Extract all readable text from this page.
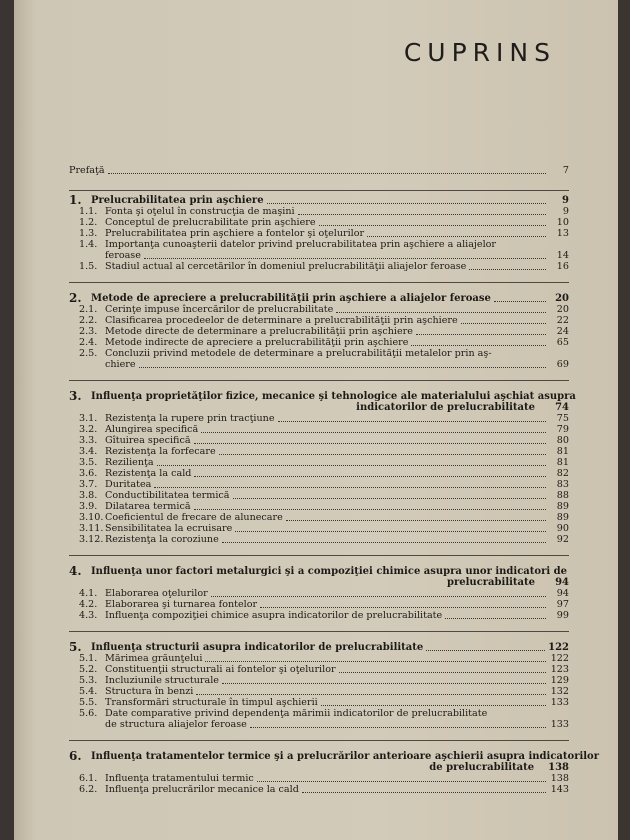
CUPRINS
Prefaţă	7
1. Prelucrabilitatea prin aşchiere	9
1.1. Fonta şi oţelul în construcţia de maşini	9
1.2. Conceptul de prelucrabilitate prin aşchiere	10
1.3. Prelucrabilitatea prin aşchiere a fontelor şi oţelurilor	13
1.4. Importanţa cunoaşterii datelor privind prelucrabilitatea prin aşchiere a aliajelor
feroase	14
1.5. Stadiul actual al cercetărilor în domeniul prelucrabilităţii aliajelor feroase	16
2. Metode de apreciere a prelucrabilităţii prin aşchiere a aliajelor feroase	20
2.1. Cerinţe impuse încercărilor de prelucrabilitate	20
2.2. Clasificarea procedeelor de determinare a prelucrabilităţii prin aşchiere	22
2.3. Metode directe de determinare a prelucrabilităţii prin aşchiere	24
2.4. Metode indirecte de apreciere a prelucrabilităţii prin aşchiere	65
2.5. Concluzii privind metodele de determinare a prelucrabilităţii metalelor prin aş-
chiere	69
3. Influenţa proprietăţilor fizice, mecanice şi tehnologice ale materialului aşchiat asupra
indicatorilor de prelucrabilitate	74
3.1. Rezistenţa la rupere prin tracţiune	75
3.2. Alungirea specifică	79
3.3. Gîtuirea specifică	80
3.4. Rezistenţa la forfecare	81
3.5. Rezilienţa	81
3.6. Rezistenţa la cald	82
3.7. Duritatea	83
3.8. Conductibilitatea termică	88
3.9. Dilatarea termică	89
3.10. Coeficientul de frecare de alunecare	89
3.11. Sensibilitatea la ecruisare	90
3.12. Rezistenţa la coroziune	92
4. Influenţa unor factori metalurgici şi a compoziţiei chimice asupra unor indicatori de
prelucrabilitate	94
4.1. Elaborarea oţelurilor	94
4.2. Elaborarea şi turnarea fontelor	97
4.3. Influenţa compoziţiei chimice asupra indicatorilor de prelucrabilitate	99
5. Influenţa structurii asupra indicatorilor de prelucrabilitate	122
5.1. Mărimea grăunţelui	122
5.2. Constituenţii structurali ai fontelor şi oţelurilor	123
5.3. Incluziunile structurale	129
5.4. Structura în benzi	132
5.5. Transformări structurale în timpul aşchierii	133
5.6. Date comparative privind dependenţa mărimii indicatorilor de prelucrabilitate
de structura aliajelor feroase	133
6. Influenţa tratamentelor termice şi a prelucrărilor anterioare aşchierii asupra indicatorilor
de prelucrabilitate 138
6.1. Influenţa tratamentului termic	138
6.2. Influenţa prelucrărilor mecanice la cald	143
